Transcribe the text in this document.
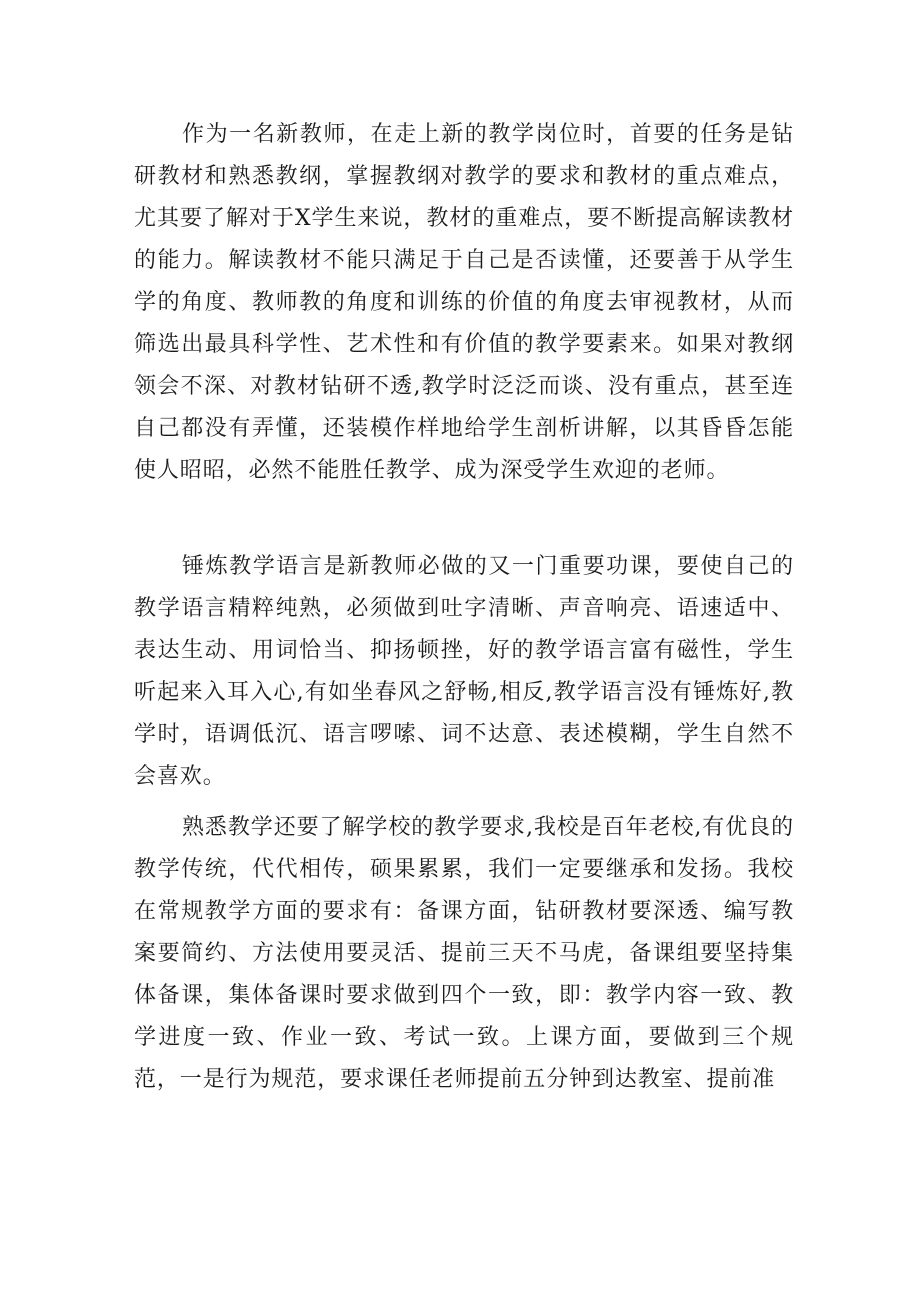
作为一名新教师，在走上新的教学岗位时，首要的任务是钻研教材和熟悉教纲，掌握教纲对教学的要求和教材的重点难点，尤其要了解对于X学生来说，教材的重难点，要不断提高解读教材的能力。解读教材不能只满足于自己是否读懂，还要善于从学生学的角度、教师教的角度和训练的价值的角度去审视教材，从而筛选出最具科学性、艺术性和有价值的教学要素来。如果对教纲领会不深、对教材钻研不透,教学时泛泛而谈、没有重点，甚至连自己都没有弄懂，还装模作样地给学生剖析讲解，以其昏昏怎能使人昭昭，必然不能胜任教学、成为深受学生欢迎的老师。

锤炼教学语言是新教师必做的又一门重要功课，要使自己的教学语言精粹纯熟，必须做到吐字清晰、声音响亮、语速适中、表达生动、用词恰当、抑扬顿挫，好的教学语言富有磁性，学生听起来入耳入心,有如坐春风之舒畅,相反,教学语言没有锤炼好,教学时，语调低沉、语言啰嗦、词不达意、表述模糊，学生自然不会喜欢。

熟悉教学还要了解学校的教学要求,我校是百年老校,有优良的教学传统，代代相传，硕果累累，我们一定要继承和发扬。我校在常规教学方面的要求有：备课方面，钻研教材要深透、编写教案要简约、方法使用要灵活、提前三天不马虎，备课组要坚持集体备课，集体备课时要求做到四个一致，即：教学内容一致、教学进度一致、作业一致、考试一致。上课方面，要做到三个规范，一是行为规范，要求课任老师提前五分钟到达教室、提前准
